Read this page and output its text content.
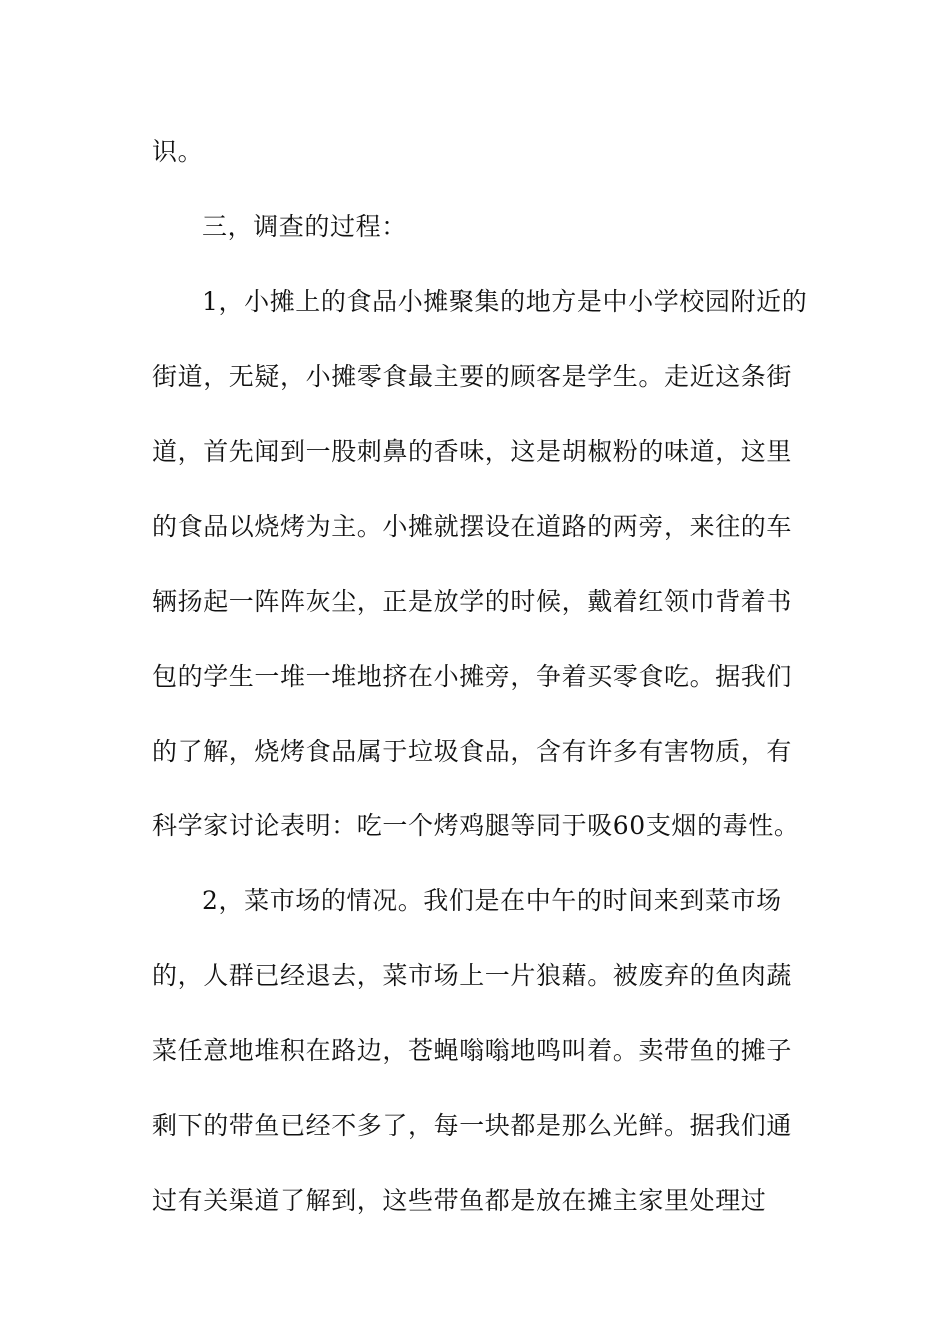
识。
三，调查的过程：
1，小摊上的食品小摊聚集的地方是中小学校园附近的
街道，无疑，小摊零食最主要的顾客是学生。走近这条街
道，首先闻到一股刺鼻的香味，这是胡椒粉的味道，这里
的食品以烧烤为主。小摊就摆设在道路的两旁，来往的车
辆扬起一阵阵灰尘，正是放学的时候，戴着红领巾背着书
包的学生一堆一堆地挤在小摊旁，争着买零食吃。据我们
的了解，烧烤食品属于垃圾食品，含有许多有害物质，有
科学家讨论表明：吃一个烤鸡腿等同于吸60支烟的毒性。
2，菜市场的情况。我们是在中午的时间来到菜市场
的，人群已经退去，菜市场上一片狼藉。被废弃的鱼肉蔬
菜任意地堆积在路边，苍蝇嗡嗡地鸣叫着。卖带鱼的摊子
剩下的带鱼已经不多了，每一块都是那么光鲜。据我们通
过有关渠道了解到，这些带鱼都是放在摊主家里处理过
